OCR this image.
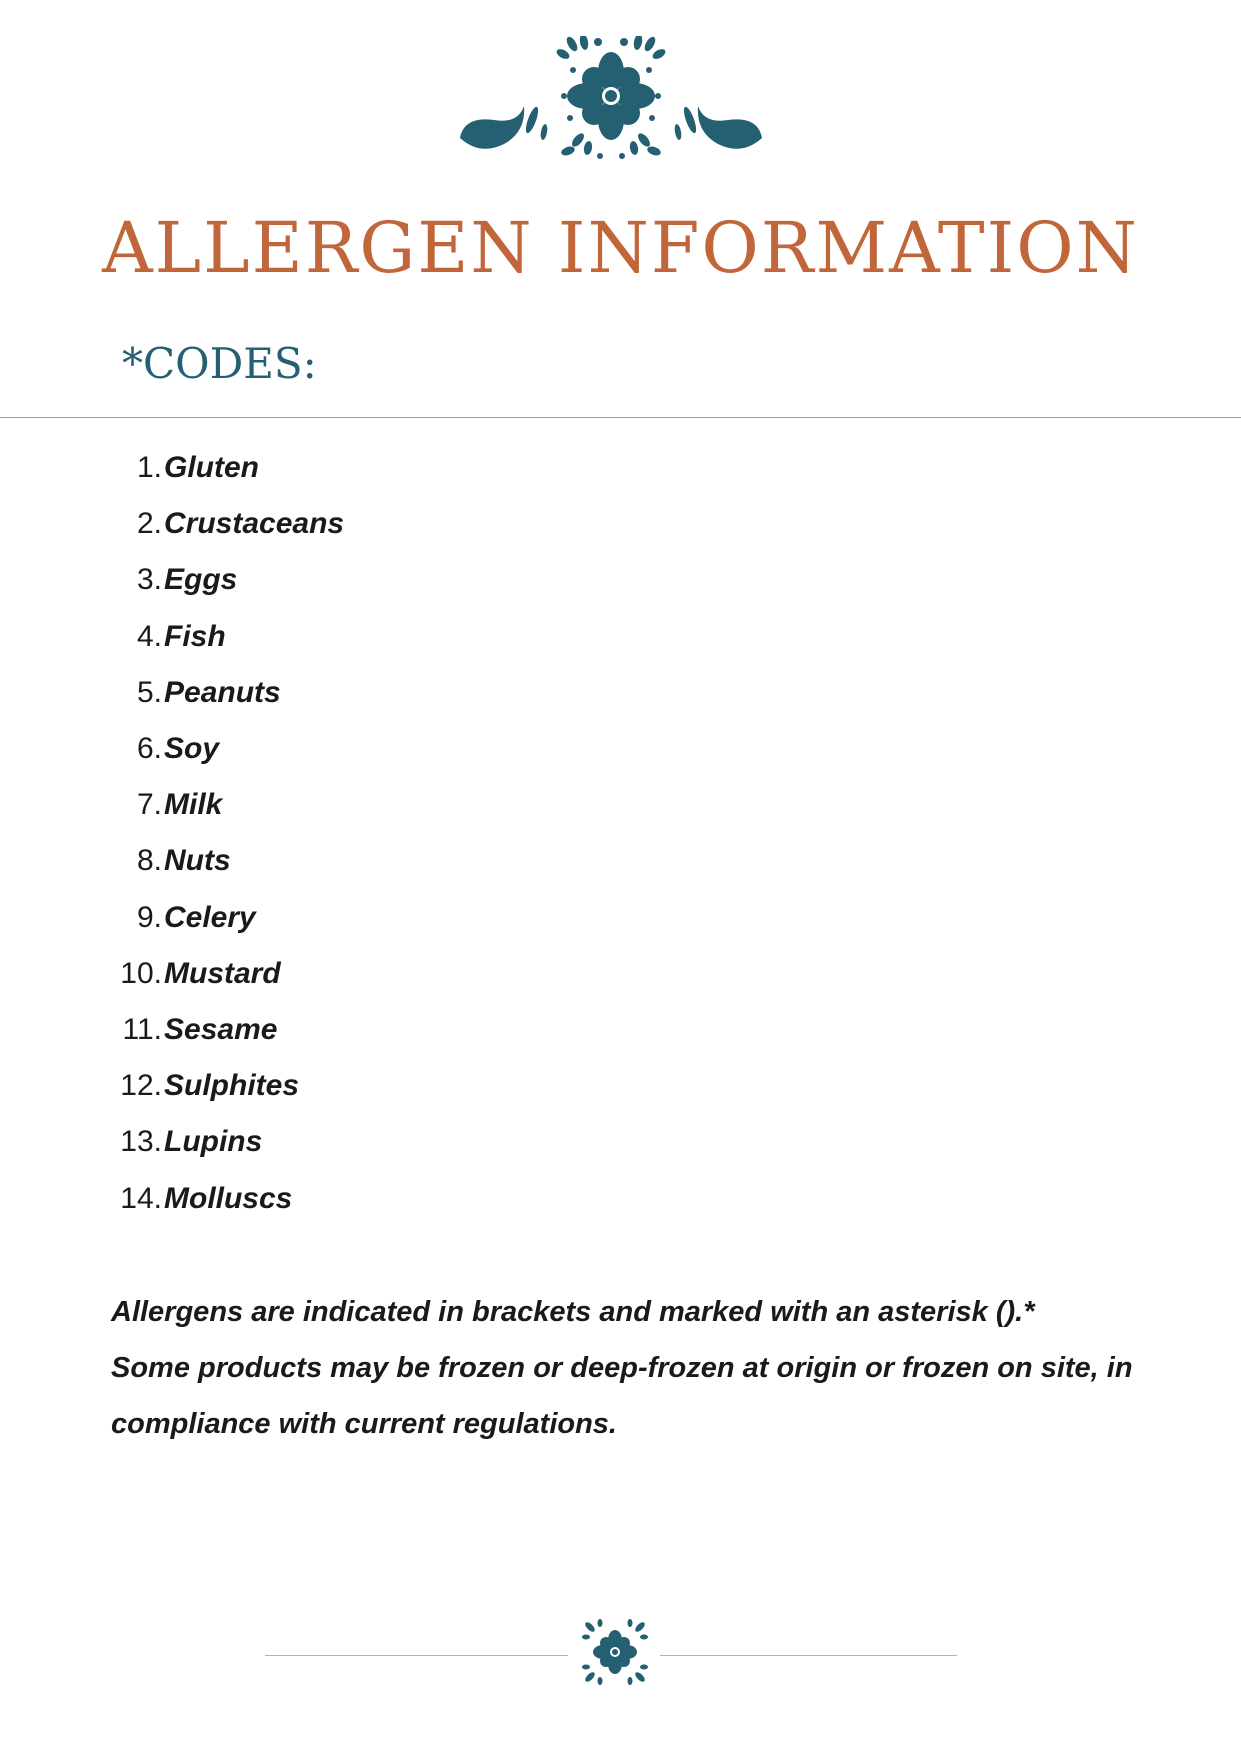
ALLERGEN INFORMATION
*CODES:
1. Gluten
2. Crustaceans
3. Eggs
4. Fish
5. Peanuts
6. Soy
7. Milk
8. Nuts
9. Celery
10. Mustard
11. Sesame
12. Sulphites
13. Lupins
14. Molluscs

Allergens are indicated in brackets and marked with an asterisk ().*

Some products may be frozen or deep-frozen at origin or frozen on site, in compliance with current regulations.
